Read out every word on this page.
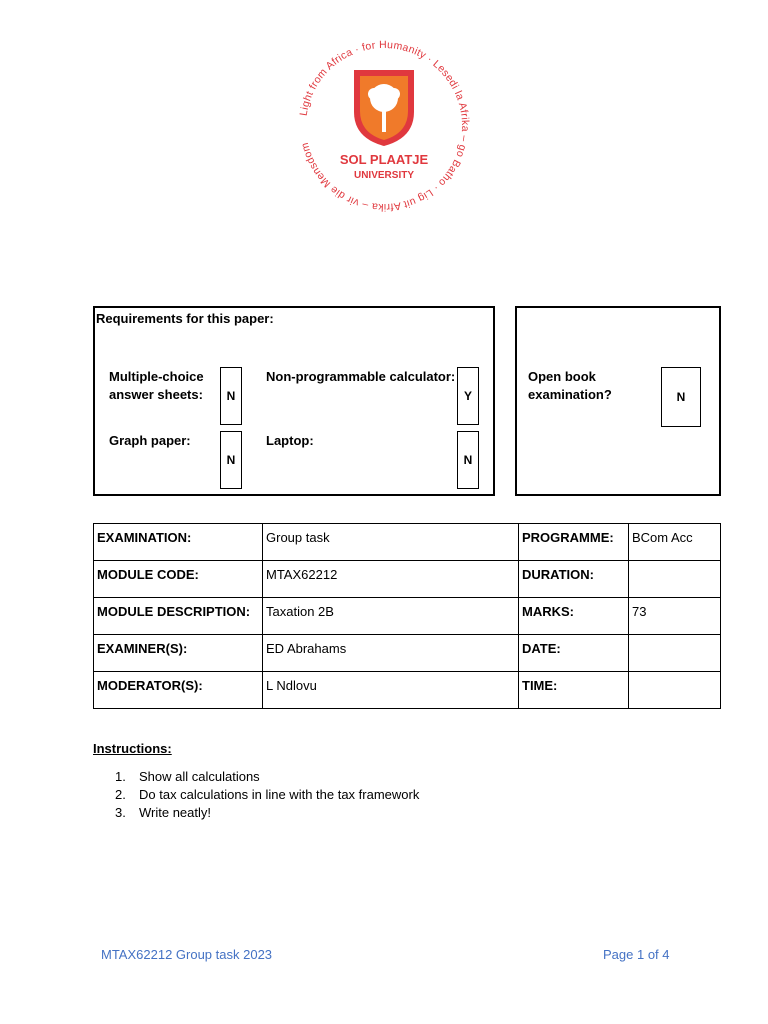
Light from Africa · for Humanity · Lesedi la Afrika – go Batho · Lig uit Afrika – vir die Mensdom
SOL PLAATJE
UNIVERSITY
Requirements for this paper:
Multiple-choice
answer sheets:	N
Non-programmable calculator:
Y
Graph paper:
N
Laptop:
N
Open book
examination?	N
EXAMINATION:	Group task	PROGRAMME:	BCom Acc

MODULE CODE:	MTAX62212	DURATION:	

MODULE DESCRIPTION:	Taxation 2B	MARKS:	73

EXAMINER(S):	ED Abrahams	DATE:	

MODERATOR(S):	L Ndlovu	TIME:	

Instructions:
1.	Show all calculations
2.	Do tax calculations in line with the tax framework
3.	Write neatly!
MTAX62212 Group task 2023	Page 1 of 4
